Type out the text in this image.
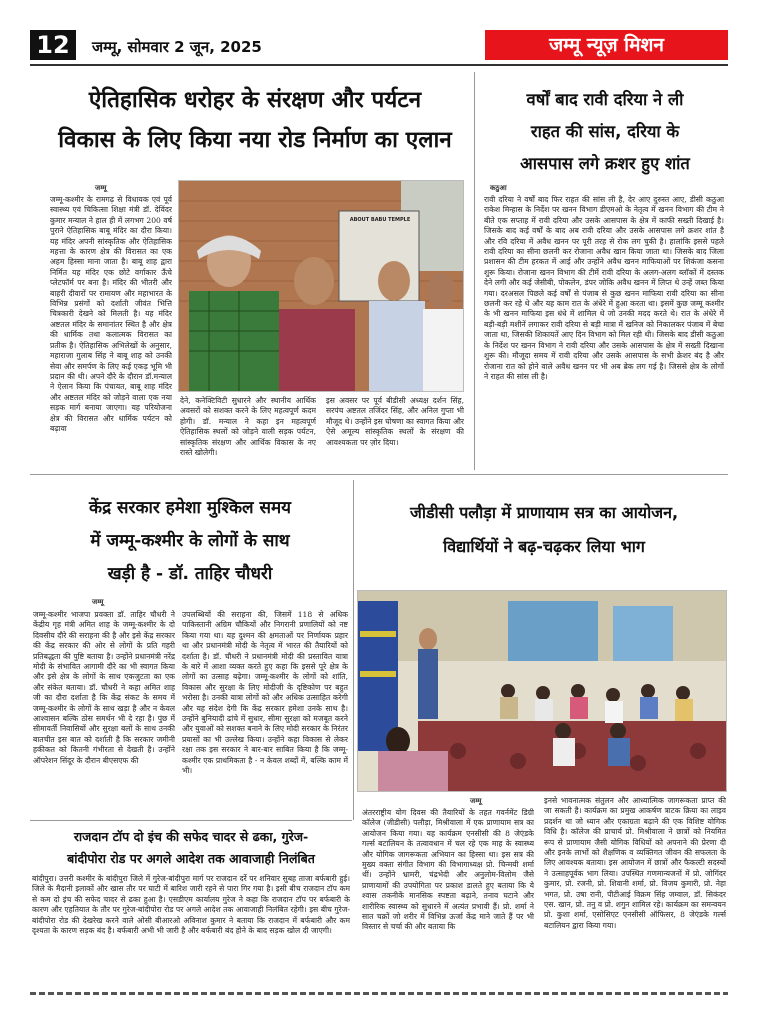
12	जम्मू, सोमवार 2 जून, 2025	जम्मू न्यूज़ मिशन
ऐतिहासिक धरोहर के संरक्षण और पर्यटन
विकास के लिए किया नया रोड निर्माण का एलान
जम्मू
जम्मू-कश्मीर के रामगढ़ से विधायक एवं पूर्व स्वास्थ्य एवं चिकित्सा शिक्षा मंत्री डॉ. देविंदर कुमार मन्याल ने हाल ही में लगभग 200 वर्ष पुराने ऐतिहासिक बाबू मंदिर का दौरा किया। यह मंदिर अपनी सांस्कृतिक और ऐतिहासिक महत्ता के कारण क्षेत्र की विरासत का एक अहम हिस्सा माना जाता है। बाबू शाह द्वारा निर्मित यह मंदिर एक छोटे वर्गाकार ऊँचे प्लेटफॉर्म पर बना है। मंदिर की भीतरी और बाहरी दीवारों पर रामायण और महाभारत के विभिन्न प्रसंगों को दर्शाती जीवंत भित्ति चित्रकारी देखने को मिलती है। यह मंदिर अष्टतल मंदिर के समानांतर स्थित है और क्षेत्र की धार्मिक तथा कलात्मक विरासत का प्रतीक है। ऐतिहासिक अभिलेखों के अनुसार, महाराजा गुलाब सिंह ने बाबू शाह को उनकी सेवा और समर्पण के लिए कई एकड़ भूमि भी प्रदान की थी। अपने दौरे के दौरान डॉ.मन्याल ने ऐलान किया कि पंचायत, बाबू शाह मंदिर और अष्टतल मंदिर को जोड़ने वाला एक नया सड़क मार्ग बनाया जाएगा। यह परियोजना क्षेत्र की विरासत और धार्मिक पर्यटन को बढ़ावा
ABOUT BABU TEMPLE
देने, कनेक्टिविटी सुधारने और स्थानीय आर्थिक अवसरों को सशक्त करने के लिए महत्वपूर्ण कदम होगी। डॉ. मन्याल ने कहा इन महत्वपूर्ण ऐतिहासिक स्थलों को जोड़ने वाली सड़क पर्यटन, सांस्कृतिक संरक्षण और आर्थिक विकास के नए रास्ते खोलेगी।
इस अवसर पर पूर्व बीडीसी अध्यक्ष दर्शन सिंह, सरपंच अष्टतल तजिंदर सिंह, और अनिल गुप्ता भी मौजूद थे। उन्होंने इस घोषणा का स्वागत किया और ऐसे अमूल्य सांस्कृतिक स्थलों के संरक्षण की आवश्यकता पर ज़ोर दिया।
वर्षों बाद रावी दरिया ने ली
राहत की सांस, दरिया के
आसपास लगे क्रशर हुए शांत
कठुआ
रावी दरिया ने वर्षों बाद फिर राहत की सांस ली है, देर आए दुरुस्त आए, डीसी कठुआ राकेश मिन्हास के निर्देश पर खनन विभाग डीएमओ के नेतृत्व में खनन विभाग की टीम ने बीते एक सप्ताह में रावी दरिया और उसके आसपास के क्षेत्र में काफी सख्ती दिखाई है। जिसके बाद कई वर्षों के बाद अब रावी दरिया और उसके आसपास लगे क्रशर शांत है और रवि दरिया में अवैध खनन पर पूरी तरह से रोक लग चुकी है। हालांकि इससे पहले रावी दरिया का सीना छलनी कर रोजाना अवैध खान किया जाता था। जिसके बाद जिला प्रशासन की टीम हरकत में आई और उन्होंने अवैध खनन माफियाओं पर शिकंजा कसना शुरू किया। रोजाना खनन विभाग की टीमें रावी दरिया के अलग-अलग ब्लॉकों में दस्तक देने लगी और कई जेसीबी, पोकलेन, डंपर जोकि अवैध खनन में लिप्त थे उन्हें जब्त किया गया। दरअसल पिछले कई वर्षों से पंजाब से कुछ खनन माफिया रावी दरिया का सीना छलनी कर रहे थे और यह काम रात के अंधेरे में हुआ करता था। इसमें कुछ जम्मू कश्मीर के भी खनन माफिया इस धंधे में शामिल थे जो उनकी मदद करते थे। रात के अंधेरे में बड़ी-बड़ी मशीनें लगाकर रावी दरिया से बड़ी मात्रा में खनिज को निकालकर पंजाब में बेचा जाता था, जिसकी शिकायतें आए दिन विभाग को मिल रही थी। जिसके बाद डीसी कठुआ के निर्देश पर खनन विभाग ने रावी दरिया और उसके आसपास के क्षेत्र में सख्ती दिखाना शुरू की। मौजूदा समय में रावी दरिया और उसके आसपास के सभी क्रेशर बंद है और रोजाना रात को होने वाले अवैध खनन पर भी अब ब्रेक लग गई है। जिससे क्षेत्र के लोगों ने राहत की सांस ली है।
केंद्र सरकार हमेशा मुश्किल समय
में जम्मू-कश्मीर के लोगों के साथ
खड़ी है - डॉ. ताहिर चौधरी
जम्मू
जम्मू-कश्मीर भाजपा प्रवक्ता डॉ. ताहिर चौधरी ने केंद्रीय गृह मंत्री अमित शाह के जम्मू-कश्मीर के दो दिवसीय दौरे की सराहना की है और इसे केंद्र सरकार की केंद्र सरकार की ओर से लोगों के प्रति गहरी प्रतिबद्धता की पुष्टि बताया है। उन्होंने प्रधानमंत्री नरेंद्र मोदी के संभावित आगामी दौरे का भी स्वागत किया और इसे क्षेत्र के लोगों के साथ एकजुटता का एक और संकेत बताया। डॉ. चौधरी ने कहा अमित शाह जी का दौरा दर्शाता है कि केंद्र संकट के समय में जम्मू-कश्मीर के लोगों के साथ खड़ा है और न केवल आश्वासन बल्कि ठोस समर्थन भी दे रहा है। पुंछ में सीमावर्ती निवासियों और सुरक्षा बलों के साथ उनकी बातचीत इस बात को दर्शाती है कि सरकार जमीनी हकीकत को कितनी गंभीरता से देखती है। उन्होंने ऑपरेशन सिंदूर के दौरान बीएसएफ की
उपलब्धियों की सराहना की, जिसमें 118 से अधिक पाकिस्तानी अग्रिम चौकियों और निगरानी प्रणालियों को नष्ट किया गया था। यह दुश्मन की क्षमताओं पर निर्णायक प्रहार था और प्रधानमंत्री मोदी के नेतृत्व में भारत की तैयारियों को दर्शाता है। डॉ. चौधरी ने प्रधानमंत्री मोदी की प्रस्तावित यात्रा के बारे में आशा व्यक्त करते हुए कहा कि इससे पूरे क्षेत्र के लोगों का उत्साह बढ़ेगा। जम्मू-कश्मीर के लोगों को शांति, विकास और सुरक्षा के लिए मोदीजी के दृष्टिकोण पर बहुत भरोसा है। उनकी यात्रा लोगों को और अधिक उत्साहित करेगी और यह संदेश देगी कि केंद्र सरकार हमेशा उनके साथ है। उन्होंने बुनियादी ढांचे में सुधार, सीमा सुरक्षा को मजबूत करने और युवाओं को सशक्त बनाने के लिए मोदी सरकार के निरंतर प्रयासों का भी उल्लेख किया। उन्होंने कहा विकास से लेकर रक्षा तक इस सरकार ने बार-बार साबित किया है कि जम्मू-कश्मीर एक प्राथमिकता है - न केवल शब्दों में, बल्कि काम में भी।
जीडीसी पलौड़ा में प्राणायाम सत्र का आयोजन,
विद्यार्थियों ने बढ़-चढ़कर लिया भाग
जम्मू
अंतरराष्ट्रीय योग दिवस की तैयारियों के तहत गवर्नमेंट डिग्री कॉलेज (जीडीसी) पलौड़ा, मिश्रीवाला में एक प्राणायाम सत्र का आयोजन किया गया। यह कार्यक्रम एनसीसी की 8 जेएंडके गर्ल्स बटालियन के तत्वावधान में चल रहे एक माह के स्वास्थ्य और योगिक जागरूकता अभियान का हिस्सा था। इस सत्र की मुख्य वक्ता संगीत विभाग की विभागाध्यक्ष प्रो. चिन्मयी शर्मा थीं। उन्होंने भ्रामरी, चंद्रभेदी और अनुलोम-विलोम जैसे प्राणायामों की उपयोगिता पर प्रकाश डालते हुए बताया कि ये श्वास तकनीकें मानसिक स्पष्टता बढ़ाने, तनाव घटाने और शारीरिक स्वास्थ्य को सुधारने में अत्यंत प्रभावी हैं। प्रो. शर्मा ने सात चक्रों जो शरीर में विभिन्न ऊर्जा केंद्र माने जाते हैं पर भी विस्तार से चर्चा की और बताया कि
इनसे भावनात्मक संतुलन और आध्यात्मिक जागरूकता प्राप्त की जा सकती है। कार्यक्रम का प्रमुख आकर्षण त्राटक क्रिया का लाइव प्रदर्शन था जो ध्यान और एकाग्रता बढ़ाने की एक विशिष्ट योगिक विधि है। कॉलेज की प्राचार्य प्रो. मिश्रीवाला ने छात्रों को नियमित रूप से प्राणायाम जैसी योगिक विधियों को अपनाने की प्रेरणा दी और इनके लाभों को शैक्षणिक व व्यक्तिगत जीवन की सफलता के लिए आवश्यक बताया। इस आयोजन में छात्रों और फैकल्टी सदस्यों ने उत्साहपूर्वक भाग लिया। उपस्थित गणमान्यजनों में प्रो. जोगिंदर कुमार, प्रो. रजनी, प्रो. शिवानी शर्मा, प्रो. विजय कुमारी, प्रो. नेहा भगत, प्रो. उषा रानी, पीटीआई विक्रम सिंह जम्वाल, डॉ. सिकंदर एस. खान, प्रो. तनु व प्रो. शगुन शामिल रहे। कार्यक्रम का समन्वयन प्रो. कुशा शर्मा, एसोसिएट एनसीसी ऑफिसर, 8 जेएंडके गर्ल्स बटालियन द्वारा किया गया।
राजदान टॉप दो इंच की सफेद चादर से ढका, गुरेज-
बांदीपोरा रोड पर अगले आदेश तक आवाजाही निलंबित
बांदीपुरा। उत्तरी कश्मीर के बांदीपुरा जिले में गुरेज-बांदीपुरा मार्ग पर राजदान दर्रे पर शनिवार सुबह ताजा बर्फबारी हुई। जिले के मैदानी इलाकों और खास तौर पर घाटी में बारिश जारी रहने से पारा गिर गया है। इसी बीच राजदान टॉप कम से कम दो इंच की सफेद चादर से ढका हुआ है। एसडीएम कार्यालय गुरेज ने कहा कि राजदान टॉप पर बर्फबारी के कारण और एहतियात के तौर पर गुरेज-बांदीपोरा रोड पर अगले आदेश तक आवाजाही निलंबित रहेगी। इस बीच गुरेज-बांदीपोरा रोड की देखरेख करने वाले ओसी बीआरओ अविनाश कुमार ने बताया कि राजदान में बर्फबारी और कम दृश्यता के कारण सड़क बंद है। बर्फबारी अभी भी जारी है और बर्फबारी बंद होने के बाद सड़क खोल दी जाएगी।
